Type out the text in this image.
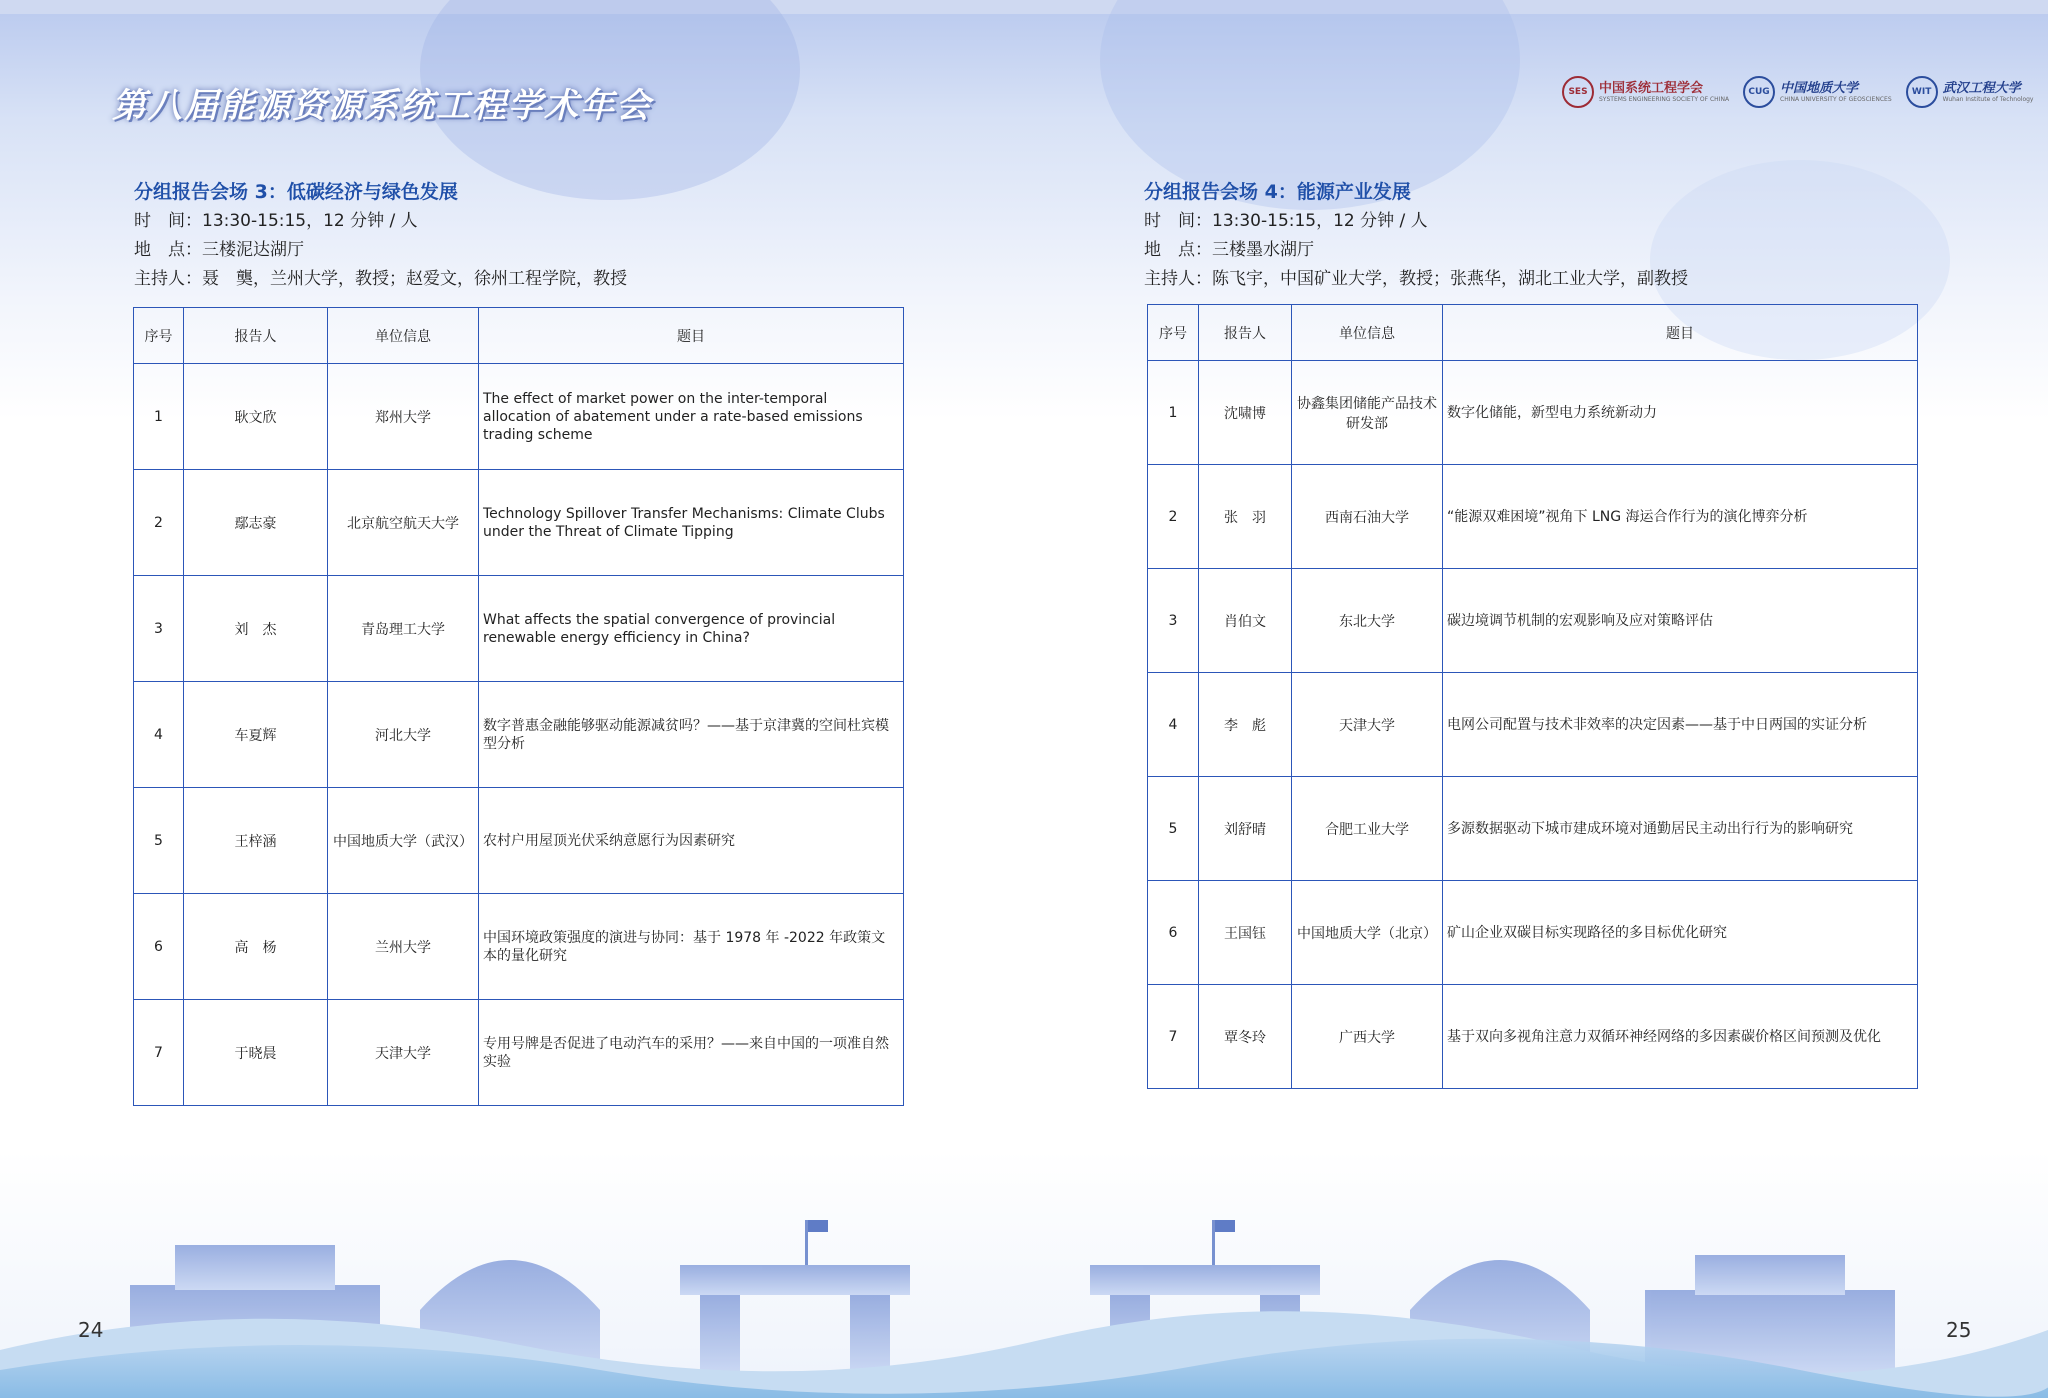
第八届能源资源系统工程学术年会	SES 中国系统工程学会
SYSTEMS ENGINEERING SOCIETY OF CHINA
CUG 中国地质大学
CHINA UNIVERSITY OF GEOSCIENCES
WIT 武汉工程大学
Wuhan Institute of Technology
分组报告会场 3：低碳经济与绿色发展
时　间：13:30-15:15，12 分钟 / 人
地　点：三楼泥达湖厅
主持人：聂　龑，兰州大学，教授；赵爱文，徐州工程学院，教授
序号	报告人	单位信息	题目
1	耿文欣	郑州大学	The effect of market power on the inter-temporal allocation of abatement under a rate-based emissions trading scheme
2	鄢志豪	北京航空航天大学	Technology Spillover Transfer Mechanisms: Climate Clubs under the Threat of Climate Tipping
3	刘　杰	青岛理工大学	What affects the spatial convergence of provincial renewable energy efficiency in China?
4	车夏辉	河北大学	数字普惠金融能够驱动能源减贫吗？——基于京津冀的空间杜宾模型分析
5	王梓涵	中国地质大学（武汉）	农村户用屋顶光伏采纳意愿行为因素研究
6	高　杨	兰州大学	中国环境政策强度的演进与协同：基于 1978 年 -2022 年政策文本的量化研究
7	于晓晨	天津大学	专用号牌是否促进了电动汽车的采用？——来自中国的一项准自然实验
分组报告会场 4：能源产业发展
时　间：13:30-15:15，12 分钟 / 人
地　点：三楼墨水湖厅
主持人：陈飞宇，中国矿业大学，教授；张燕华，湖北工业大学，副教授
序号	报告人	单位信息	题目
1	沈啸博	协鑫集团储能产品技术研发部	数字化储能，新型电力系统新动力
2	张　羽	西南石油大学	“能源双难困境”视角下 LNG 海运合作行为的演化博弈分析
3	肖伯文	东北大学	碳边境调节机制的宏观影响及应对策略评估
4	李　彪	天津大学	电网公司配置与技术非效率的决定因素——基于中日两国的实证分析
5	刘舒晴	合肥工业大学	多源数据驱动下城市建成环境对通勤居民主动出行行为的影响研究
6	王国钰	中国地质大学（北京）	矿山企业双碳目标实现路径的多目标优化研究
7	覃冬玲	广西大学	基于双向多视角注意力双循环神经网络的多因素碳价格区间预测及优化
24	25
